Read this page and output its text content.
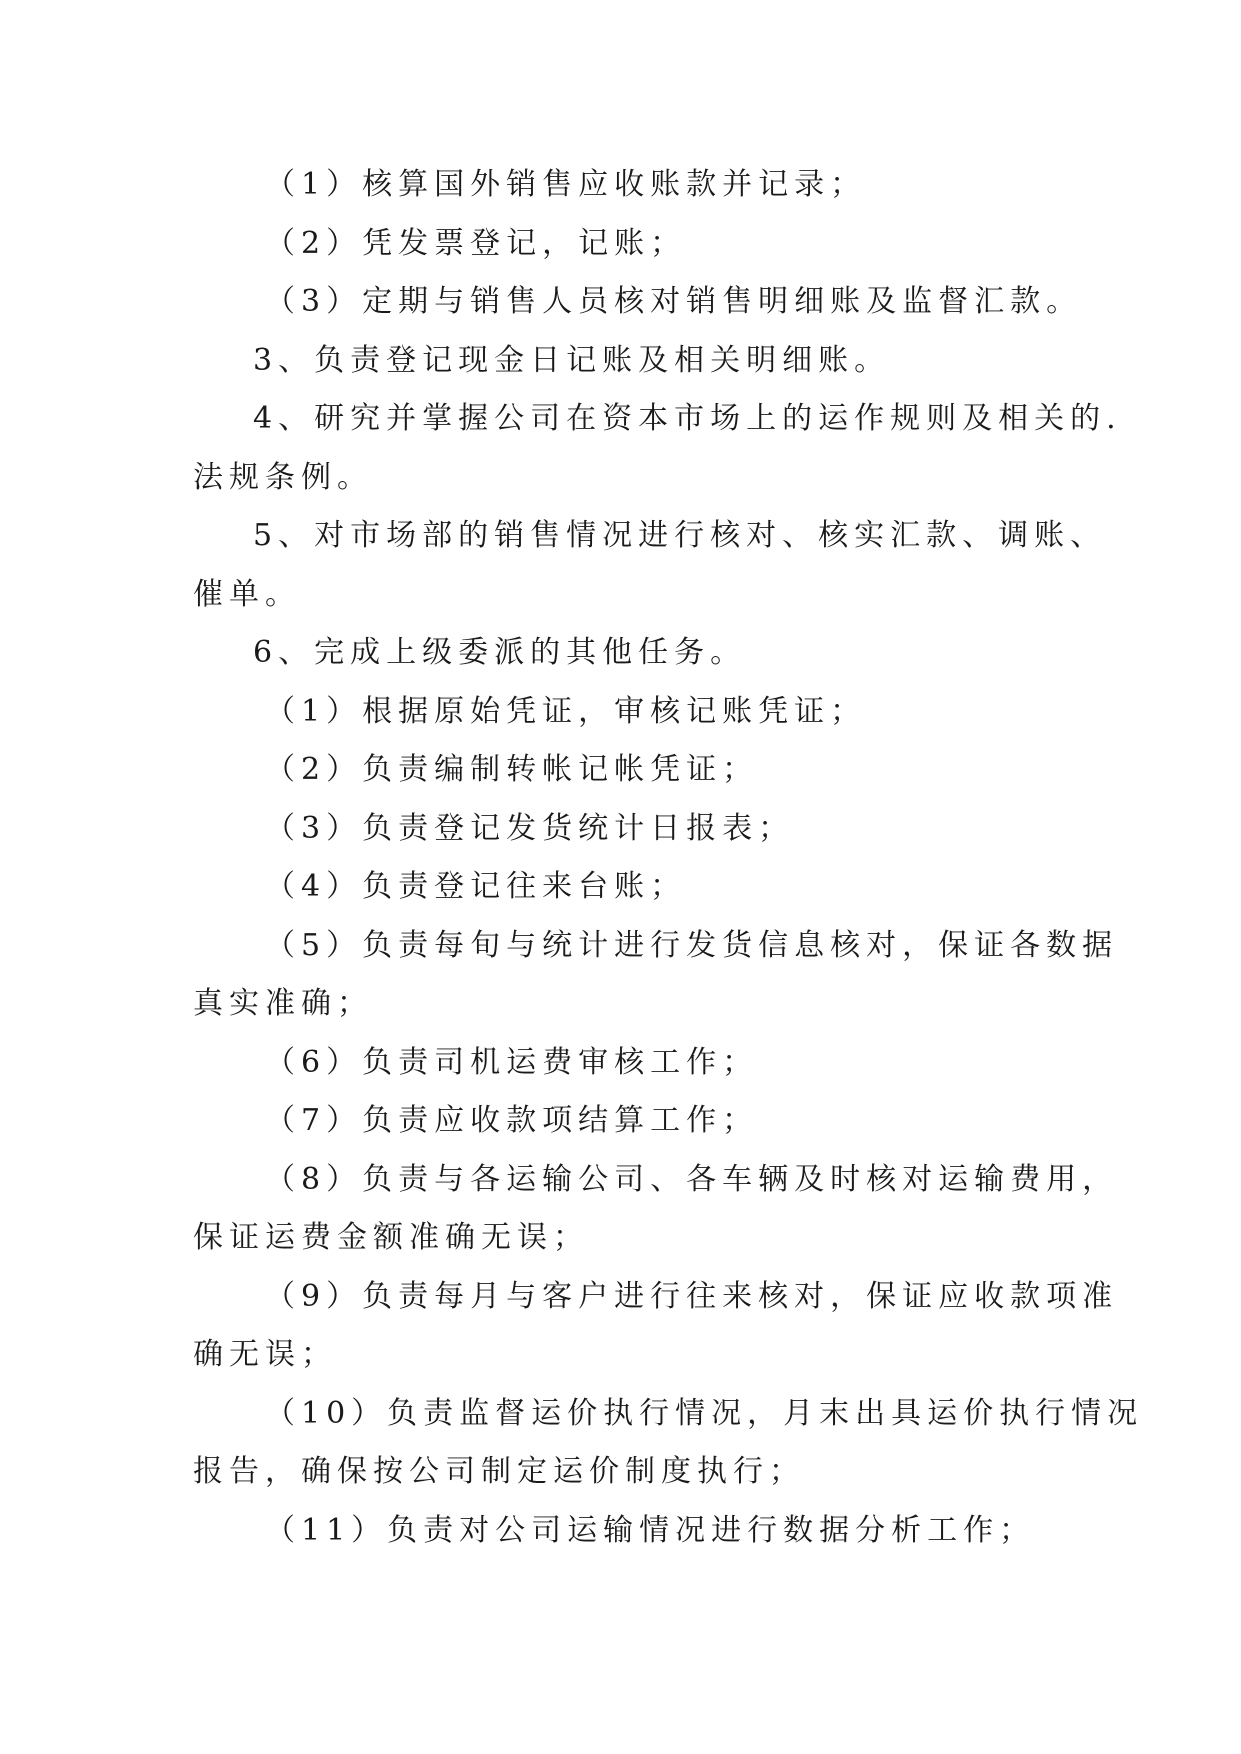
（1）核算国外销售应收账款并记录；
（2）凭发票登记，记账；
（3）定期与销售人员核对销售明细账及监督汇款。
3、负责登记现金日记账及相关明细账。
4、研究并掌握公司在资本市场上的运作规则及相关的.
法规条例。
5、对市场部的销售情况进行核对、核实汇款、调账、
催单。
6、完成上级委派的其他任务。
（1）根据原始凭证，审核记账凭证；
（2）负责编制转帐记帐凭证；
（3）负责登记发货统计日报表；
（4）负责登记往来台账；
（5）负责每旬与统计进行发货信息核对，保证各数据
真实准确；
（6）负责司机运费审核工作；
（7）负责应收款项结算工作；
（8）负责与各运输公司、各车辆及时核对运输费用，
保证运费金额准确无误；
（9）负责每月与客户进行往来核对，保证应收款项准
确无误；
（10）负责监督运价执行情况，月末出具运价执行情况
报告，确保按公司制定运价制度执行；
（11）负责对公司运输情况进行数据分析工作；
